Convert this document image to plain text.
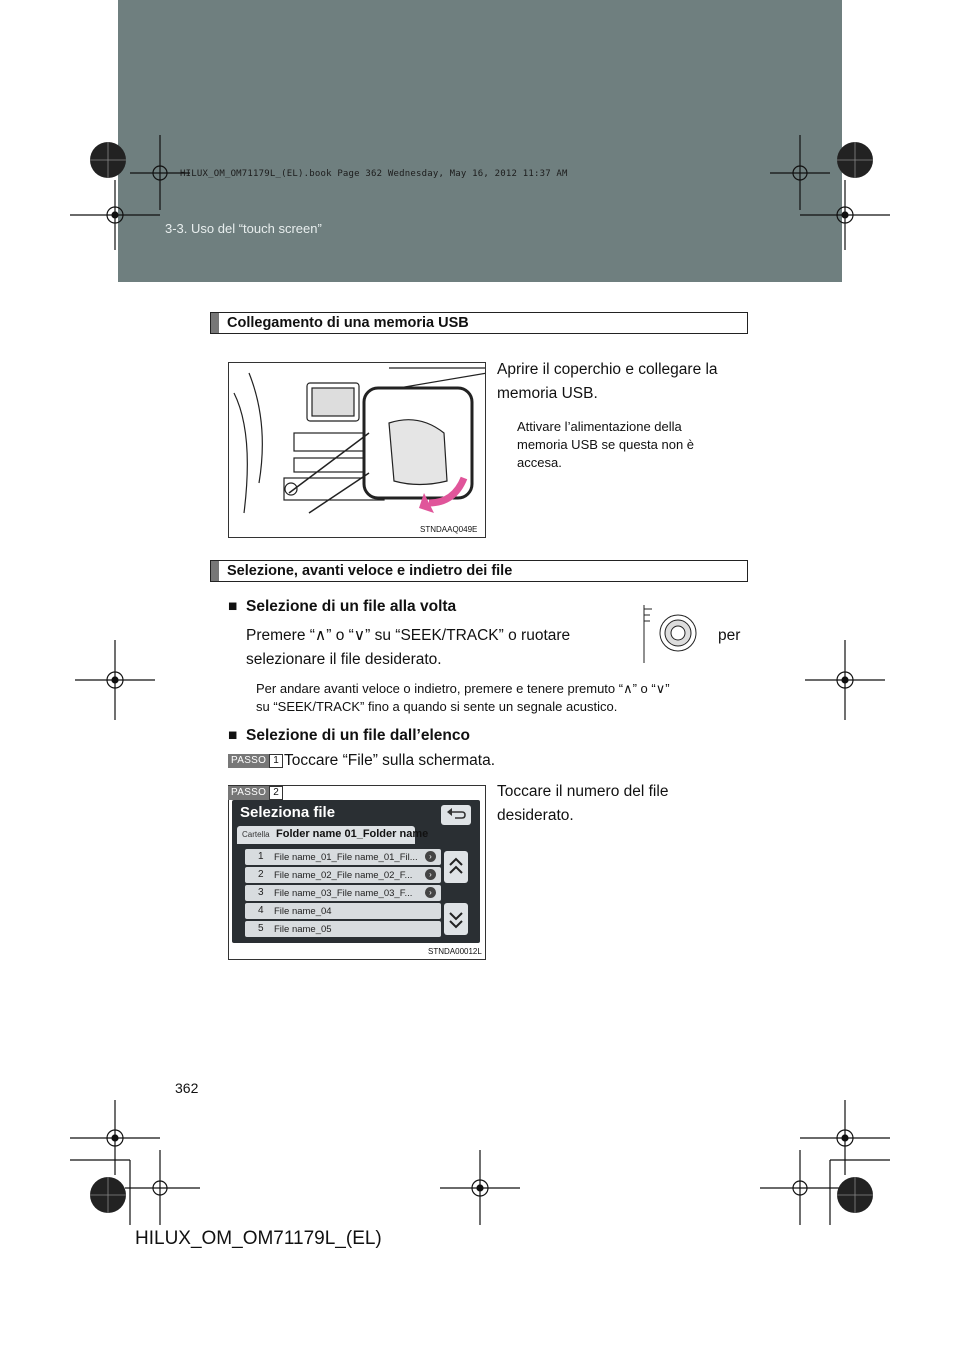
3-3. Uso del “touch screen”
HILUX_OM_OM71179L_(EL).book Page 362 Wednesday, May 16, 2012 11:37 AM
Collegamento di una memoria USB
STNDAAQ049E
Aprire il coperchio e collegare la
memoria USB.
Attivare l’alimentazione della
memoria USB se questa non è
accesa.
Selezione, avanti veloce e indietro dei file
■ Selezione di un file alla volta
Premere “∧” o “∨” su “SEEK/TRACK” o ruotare	per
selezionare il file desiderato.
Per andare avanti veloce o indietro, premere e tenere premuto “∧” o “∨”
su “SEEK/TRACK” fino a quando si sente un segnale acustico.
■ Selezione di un file dall’elenco
PASSO 1 Toccare “File” sulla schermata.
PASSO 2
Seleziona file
Cartella Folder name 01_Folder name
1 File name_01_File name_01_Fil...	›
2 File name_02_File name_02_F...	›
3 File name_03_File name_03_F...	›
4 File name_04
5 File name_05
STNDA00012L
Toccare il numero del file
desiderato.
362
HILUX_OM_OM71179L_(EL)
